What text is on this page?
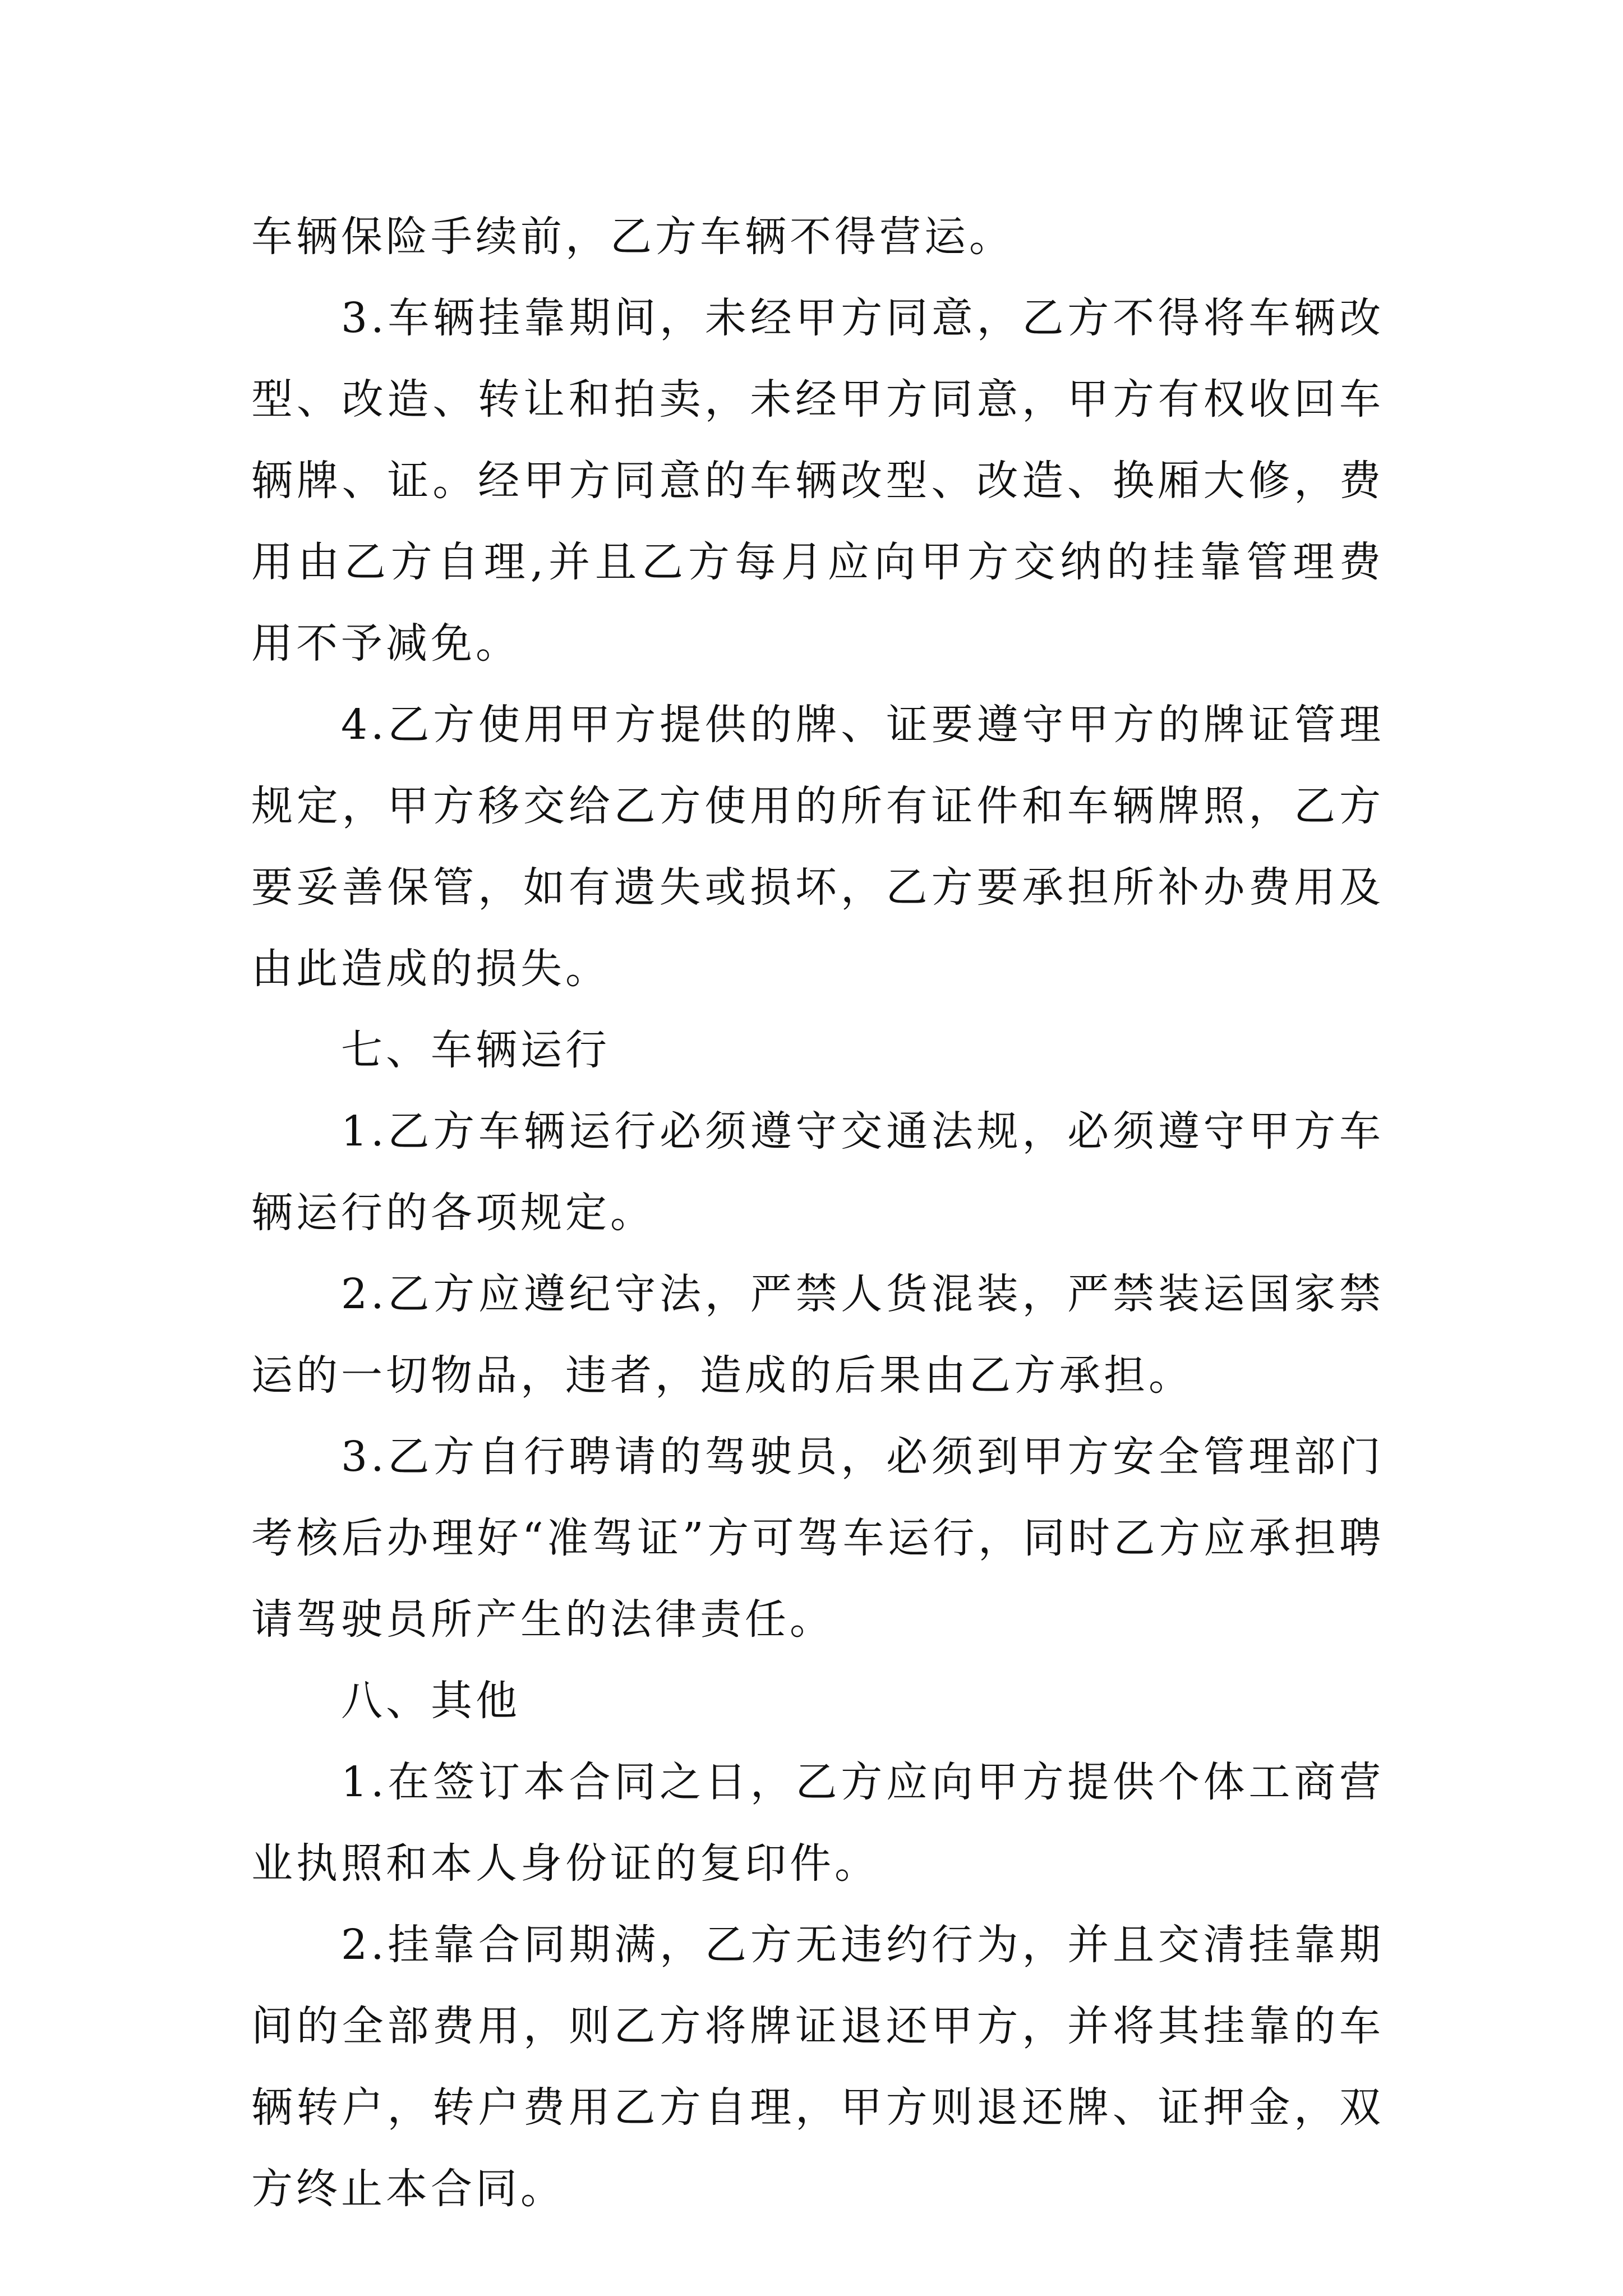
车辆保险手续前，乙方车辆不得营运。

3.车辆挂靠期间，未经甲方同意，乙方不得将车辆改型、改造、转让和拍卖，未经甲方同意，甲方有权收回车辆牌、证。经甲方同意的车辆改型、改造、换厢大修，费用由乙方自理,并且乙方每月应向甲方交纳的挂靠管理费用不予减免。

4.乙方使用甲方提供的牌、证要遵守甲方的牌证管理规定，甲方移交给乙方使用的所有证件和车辆牌照，乙方要妥善保管，如有遗失或损坏，乙方要承担所补办费用及由此造成的损失。

七、车辆运行

1.乙方车辆运行必须遵守交通法规，必须遵守甲方车辆运行的各项规定。

2.乙方应遵纪守法，严禁人货混装，严禁装运国家禁运的一切物品，违者，造成的后果由乙方承担。

3.乙方自行聘请的驾驶员，必须到甲方安全管理部门考核后办理好“准驾证”方可驾车运行，同时乙方应承担聘请驾驶员所产生的法律责任。

八、其他

1.在签订本合同之日，乙方应向甲方提供个体工商营业执照和本人身份证的复印件。

2.挂靠合同期满，乙方无违约行为，并且交清挂靠期间的全部费用，则乙方将牌证退还甲方，并将其挂靠的车辆转户，转户费用乙方自理，甲方则退还牌、证押金，双方终止本合同。
